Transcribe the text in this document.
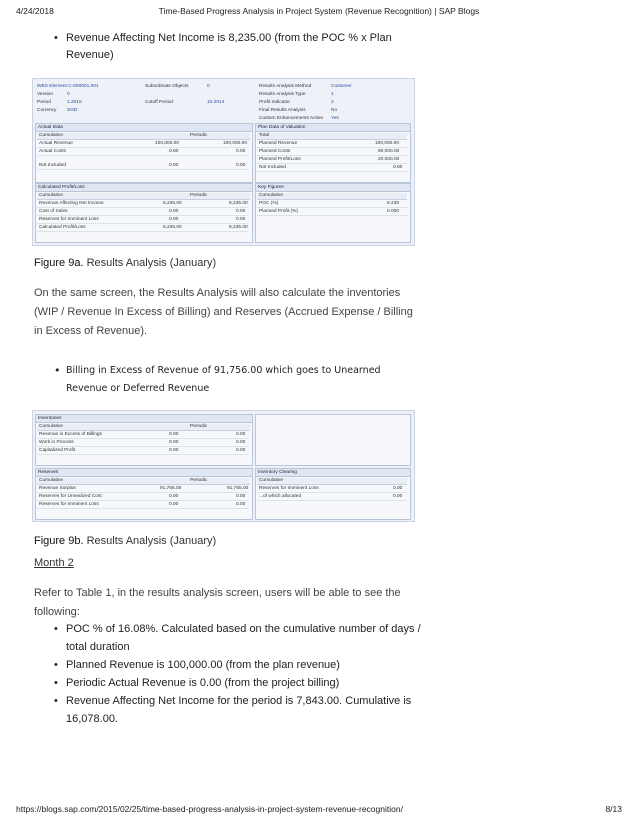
4/24/2018	Time-Based Progress Analysis in Project System (Revenue Recognition) | SAP Blogs
• Revenue Affecting Net Income is 8,235.00 (from the POC % x Plan Revenue)
WBS Element C-000001.001
Version	0
Period	1.2015
Currency SGD
Subordinate Objects	0
Cutoff Period	10.2014
Results Analysis Method	Customer
Results Analysis Type	1
Profit Indicator	2
Final Results Analysis	No
Custom Enhancements Active Yes
Actual Data
Cumulative	Periodic
Actual Revenue	100,000.00	100,000.00
Actual Costs	0.00	0.00
Not Included	0.00	0.00
Plan Data of Valuation
Total
Planned Revenue	100,000.00
Planned Costs	80,000.00
Planned Profit/Loss	20,000.00
Not Included	0.00
Calculated Profit/Loss
Cumulative	Periodic
Revenue Affecting Net Income	8,235.00	8,235.00
Cost of Sales	0.00	0.00
Reserves for Imminent Loss	0.00	0.00
Calculated Profit/Loss	8,235.00	8,235.00
Key Figures
Cumulative
POC (%)	8.235
Planned Profit (%)	0.000
Figure 9a. Results Analysis (January)

On the same screen, the Results Analysis will also calculate the inventories (WIP / Revenue In Excess of Billing) and Reserves (Accrued Expense / Billing in Excess of Revenue).

• Billing in Excess of Revenue of 91,756.00 which goes to Unearned Revenue or Deferred Revenue
Inventories
Cumulative	Periodic
Revenue in Excess of Billings	0.00	0.00
Work in Process	0.00	0.00
Capitalized Profit	0.00	0.00
Reserves
Cumulative	Periodic
Revenue Surplus	91,765.00	91,765.00
Reserves for Unrealized Cost	0.00	0.00
Reserves for Imminent Loss	0.00	0.00
Inventory Clearing
Cumulative
Reserves for Imminent Loss	0.00
...of which allocated	0.00
Figure 9b. Results Analysis (January)
Month 2

Refer to Table 1, in the results analysis screen, users will be able to see the following:

• POC % of 16.08%. Calculated based on the cumulative number of days / total duration
• Planned Revenue is 100,000.00 (from the plan revenue)
• Periodic Actual Revenue is 0.00 (from the project billing)
• Revenue Affecting Net Income for the period is 7,843.00. Cumulative is 16,078.00.
https://blogs.sap.com/2015/02/25/time-based-progress-analysis-in-project-system-revenue-recognition/	8/13
